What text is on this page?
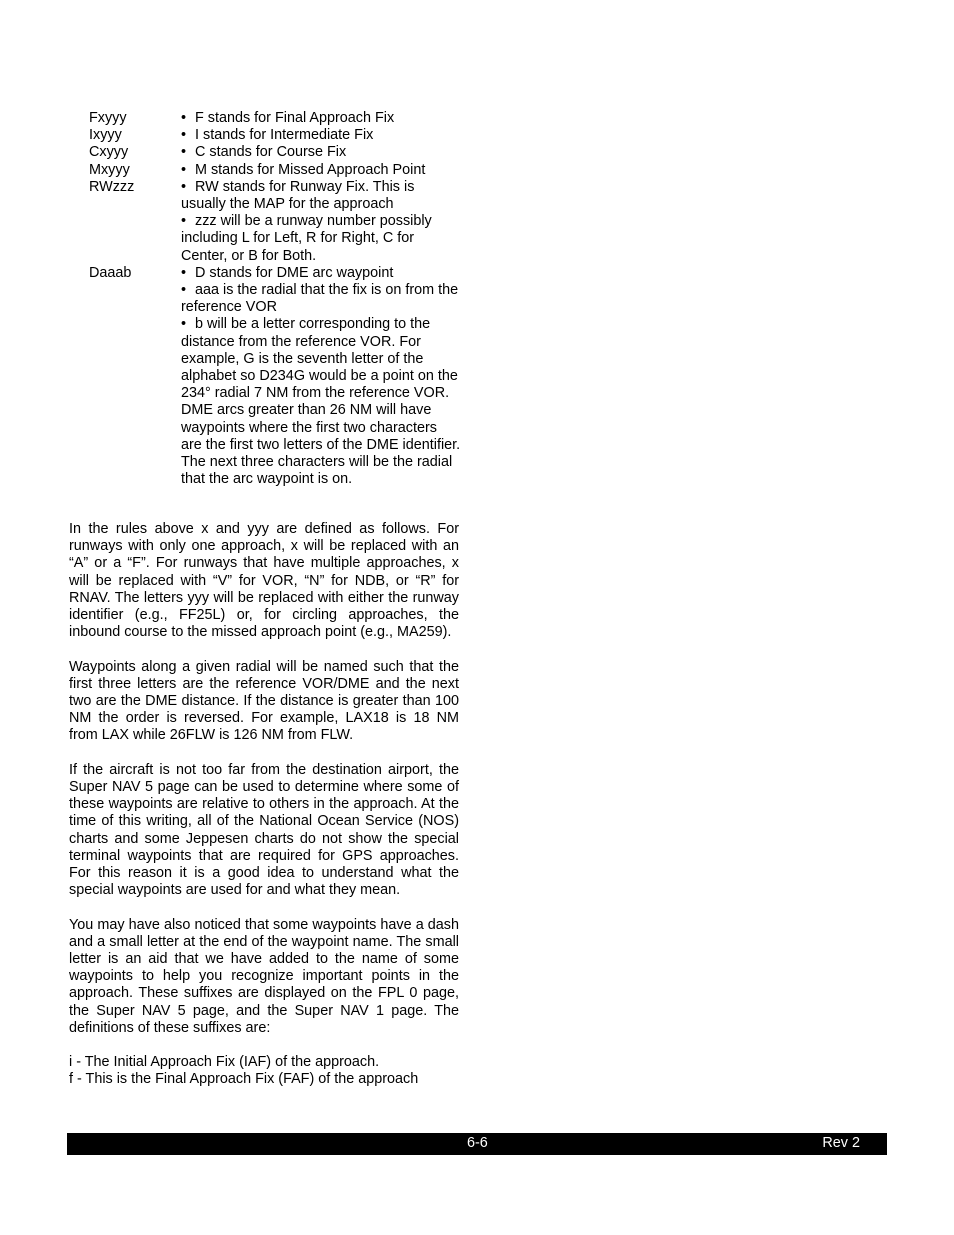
Fxyyy	• F stands for Final Approach Fix
Ixyyy	• I stands for Intermediate Fix
Cxyyy	• C stands for Course Fix
Mxyyy	• M stands for Missed Approach Point
RWzzz	• RW stands for Runway Fix. This is usually the MAP for the approach
• zzz will be a runway number possibly including L for Left, R for Right, C for Center, or B for Both.
Daaab	• D stands for DME arc waypoint
• aaa is the radial that the fix is on from the reference VOR
• b will be a letter corresponding to the distance from the reference VOR. For example, G is the seventh letter of the alphabet so D234G would be a point on the 234° radial 7 NM from the reference VOR. DME arcs greater than 26 NM will have waypoints where the first two characters are the first two letters of the DME identifier. The next three characters will be the radial that the arc waypoint is on.

In the rules above x and yyy are defined as follows. For runways with only one approach, x will be replaced with an “A” or a “F”. For runways that have multiple approaches, x will be replaced with “V” for VOR, “N” for NDB, or “R” for RNAV. The letters yyy will be replaced with either the runway identifier (e.g., FF25L) or, for circling approaches, the inbound course to the missed approach point (e.g., MA259).

Waypoints along a given radial will be named such that the first three letters are the reference VOR/DME and the next two are the DME distance. If the distance is greater than 100 NM the order is reversed. For example, LAX18 is 18 NM from LAX while 26FLW is 126 NM from FLW.

If the aircraft is not too far from the destination airport, the Super NAV 5 page can be used to determine where some of these waypoints are relative to others in the approach. At the time of this writing, all of the National Ocean Service (NOS) charts and some Jeppesen charts do not show the special terminal waypoints that are required for GPS approaches. For this reason it is a good idea to understand what the special waypoints are used for and what they mean.

You may have also noticed that some waypoints have a dash and a small letter at the end of the waypoint name. The small letter is an aid that we have added to the name of some waypoints to help you recognize important points in the approach. These suffixes are displayed on the FPL 0 page, the Super NAV 5 page, and the Super NAV 1 page. The definitions of these suffixes are:

i - The Initial Approach Fix (IAF) of the approach.
f - This is the Final Approach Fix (FAF) of the approach
6-6	Rev 2
